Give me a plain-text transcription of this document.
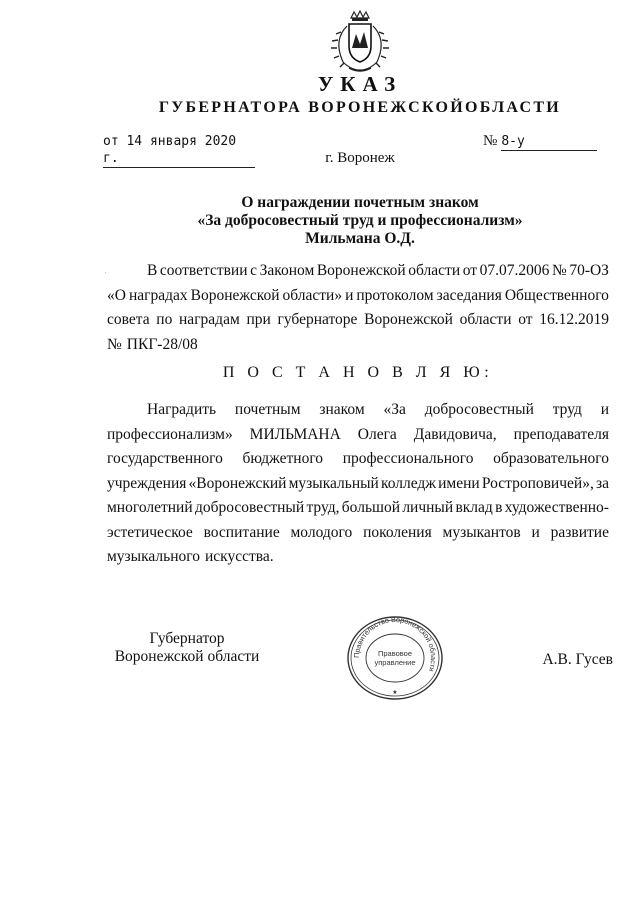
УКАЗ
ГУБЕРНАТОРА ВОРОНЕЖСКОЙОБЛАСТИ
от 14 января 2020 г.
№ 8-у
г. Воронеж
О награждении почетным знаком
«За добросовестный труд и профессионализм»
Мильмана О.Д.
В соответствии с Законом Воронежской области от 07.07.2006 № 70-ОЗ
«О наградах Воронежской области» и протоколом заседания Общественного
совета по наградам при губернаторе Воронежской области от 16.12.2019
№ ПКГ-28/08
П О С Т А Н О В Л Я Ю:
Наградить почетным знаком «За добросовестный труд и
профессионализм» МИЛЬМАНА Олега Давидовича, преподавателя
государственного бюджетного профессионального образовательного
учреждения «Воронежский музыкальный колледж имени Ростроповичей», за
многолетний добросовестный труд, большой личный вклад в художественно-
эстетическое воспитание молодого поколения музыкантов и развитие
музыкального искусства.
Губернатор
Воронежской области	Правительство Воронежской области
Правовое
управление
★
А.В. Гусев
